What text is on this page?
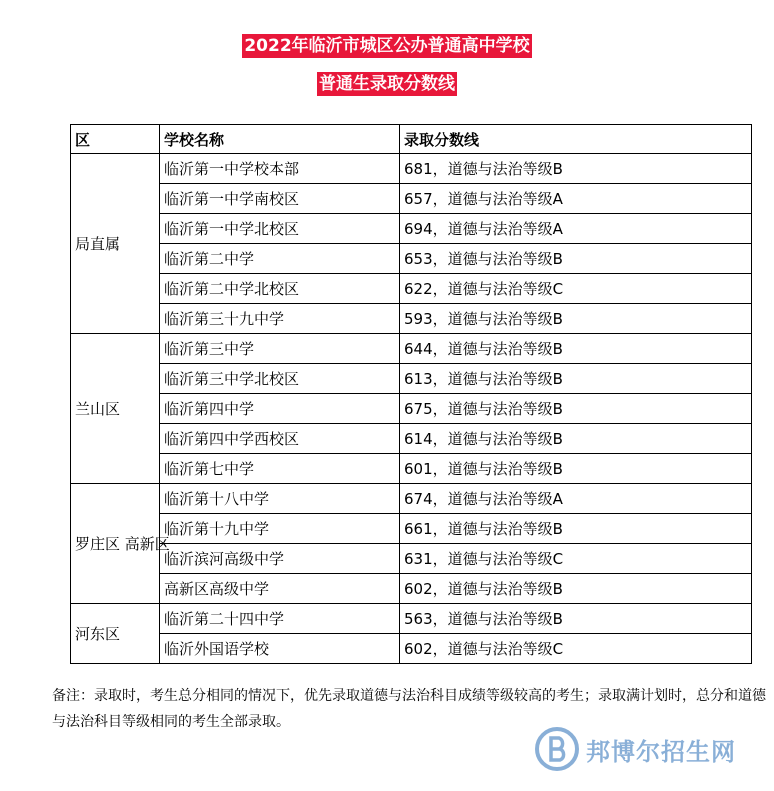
2022年临沂市城区公办普通高中学校
普通生录取分数线
区	学校名称	录取分数线
局直属	临沂第一中学校本部	681，道德与法治等级B
	临沂第一中学南校区	657，道德与法治等级A
	临沂第一中学北校区	694，道德与法治等级A
	临沂第二中学	653，道德与法治等级B
	临沂第二中学北校区	622，道德与法治等级C
	临沂第三十九中学	593，道德与法治等级B
兰山区	临沂第三中学	644，道德与法治等级B
	临沂第三中学北校区	613，道德与法治等级B
	临沂第四中学	675，道德与法治等级B
	临沂第四中学西校区	614，道德与法治等级B
	临沂第七中学	601，道德与法治等级B
罗庄区 高新区	临沂第十八中学	674，道德与法治等级A
	临沂第十九中学	661，道德与法治等级B
	临沂滨河高级中学	631，道德与法治等级C
	高新区高级中学	602，道德与法治等级B
河东区	临沂第二十四中学	563，道德与法治等级B
	临沂外国语学校	602，道德与法治等级C
备注：录取时，考生总分相同的情况下，优先录取道德与法治科目成绩等级较高的考生；录取满计划时，总分和道德与法治科目等级相同的考生全部录取。
邦博尔招生网
